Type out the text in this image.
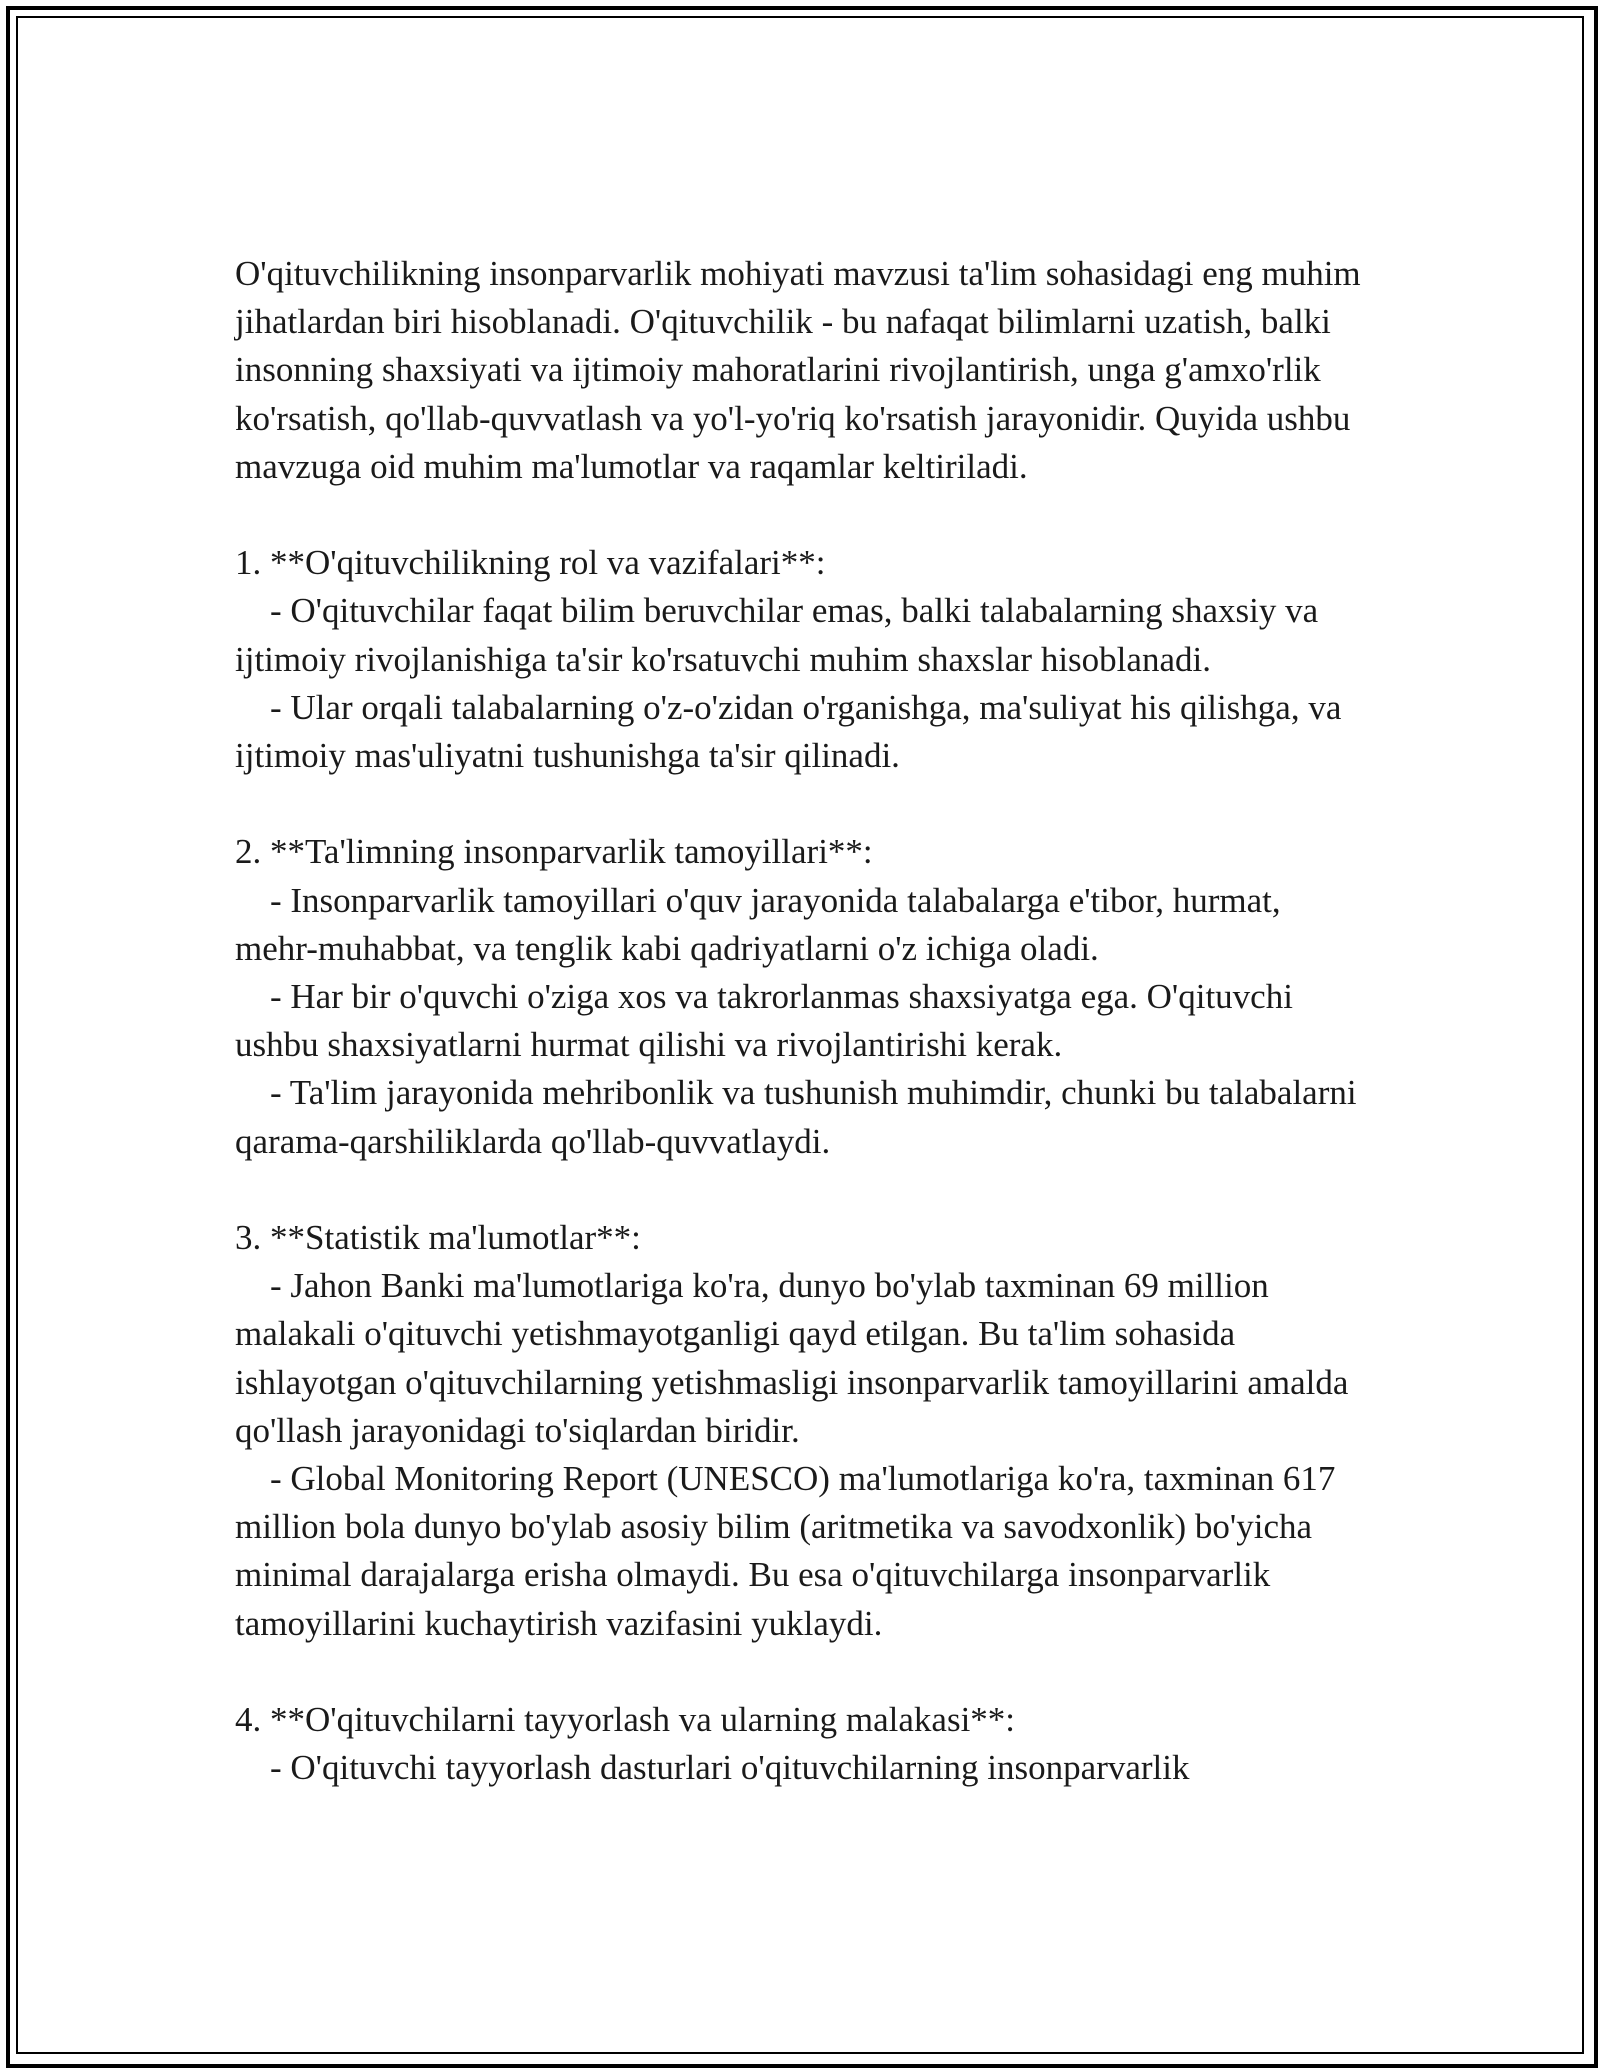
O'qituvchilikning insonparvarlik mohiyati mavzusi ta'lim sohasidagi eng muhim jihatlardan biri hisoblanadi. O'qituvchilik - bu nafaqat bilimlarni uzatish, balki insonning shaxsiyati va ijtimoiy mahoratlarini rivojlantirish, unga g'amxo'rlik ko'rsatish, qo'llab-quvvatlash va yo'l-yo'riq ko'rsatish jarayonidir. Quyida ushbu mavzuga oid muhim ma'lumotlar va raqamlar keltiriladi.

1. **O'qituvchilikning rol va vazifalari**:

- O'qituvchilar faqat bilim beruvchilar emas, balki talabalarning shaxsiy va ijtimoiy rivojlanishiga ta'sir ko'rsatuvchi muhim shaxslar hisoblanadi.

- Ular orqali talabalarning o'z-o'zidan o'rganishga, ma'suliyat his qilishga, va ijtimoiy mas'uliyatni tushunishga ta'sir qilinadi.

2. **Ta'limning insonparvarlik tamoyillari**:

- Insonparvarlik tamoyillari o'quv jarayonida talabalarga e'tibor, hurmat, mehr-muhabbat, va tenglik kabi qadriyatlarni o'z ichiga oladi.

- Har bir o'quvchi o'ziga xos va takrorlanmas shaxsiyatga ega. O'qituvchi ushbu shaxsiyatlarni hurmat qilishi va rivojlantirishi kerak.

- Ta'lim jarayonida mehribonlik va tushunish muhimdir, chunki bu talabalarni qarama-qarshiliklarda qo'llab-quvvatlaydi.

3. **Statistik ma'lumotlar**:

- Jahon Banki ma'lumotlariga ko'ra, dunyo bo'ylab taxminan 69 million malakali o'qituvchi yetishmayotganligi qayd etilgan. Bu ta'lim sohasida ishlayotgan o'qituvchilarning yetishmasligi insonparvarlik tamoyillarini amalda qo'llash jarayonidagi to'siqlardan biridir.

- Global Monitoring Report (UNESCO) ma'lumotlariga ko'ra, taxminan 617 million bola dunyo bo'ylab asosiy bilim (aritmetika va savodxonlik) bo'yicha minimal darajalarga erisha olmaydi. Bu esa o'qituvchilarga insonparvarlik tamoyillarini kuchaytirish vazifasini yuklaydi.

4. **O'qituvchilarni tayyorlash va ularning malakasi**:

- O'qituvchi tayyorlash dasturlari o'qituvchilarning insonparvarlik
